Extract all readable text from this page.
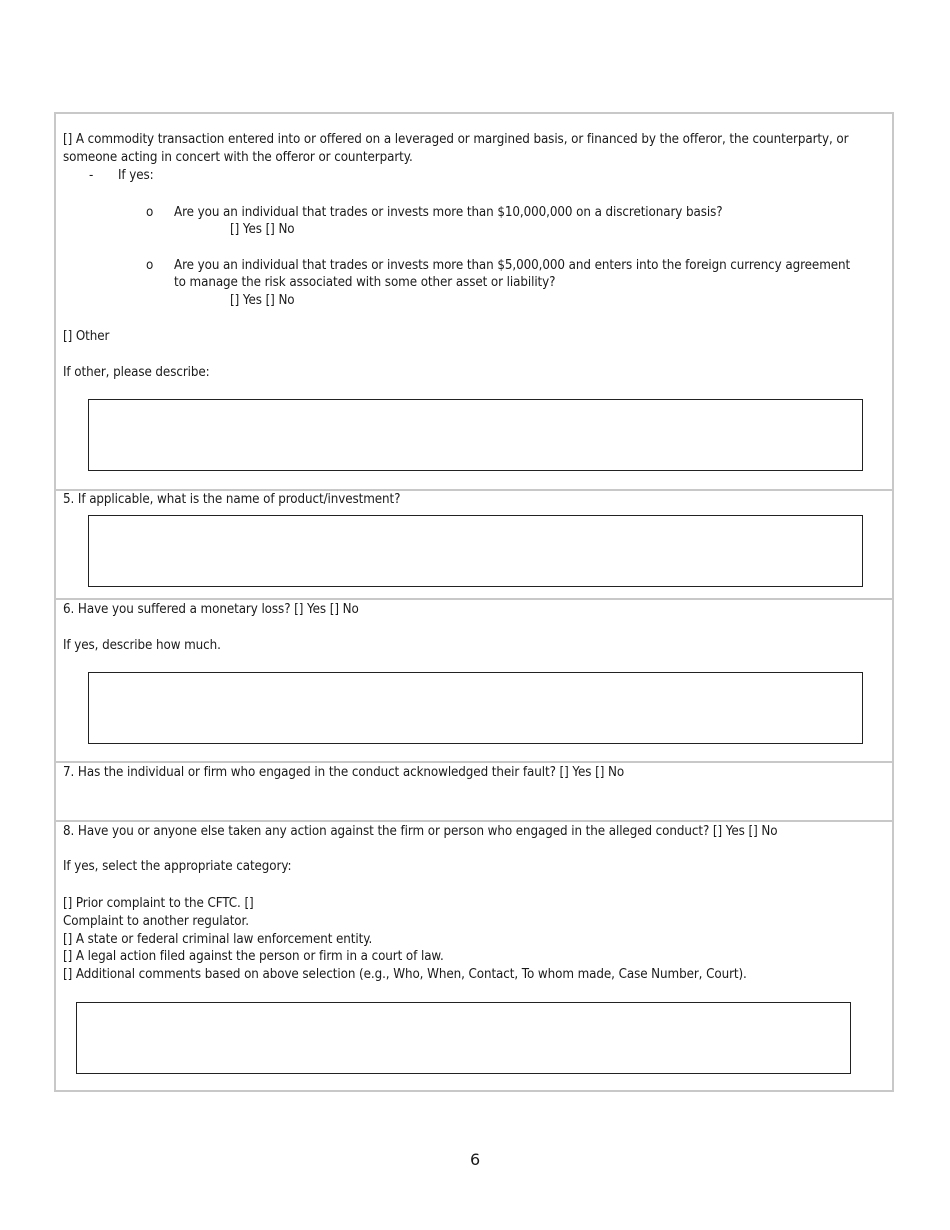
[] A commodity transaction entered into or offered on a leveraged or margined basis, or financed by the offeror, the counterparty, or
someone acting in concert with the offeror or counterparty.
- If yes:
o Are you an individual that trades or invests more than $10,000,000 on a discretionary basis?
[] Yes [] No
o Are you an individual that trades or invests more than $5,000,000 and enters into the foreign currency agreement
to manage the risk associated with some other asset or liability?
[] Yes [] No
[] Other
If other, please describe:
5. If applicable, what is the name of product/investment?
6. Have you suffered a monetary loss? [] Yes [] No
If yes, describe how much.
7. Has the individual or firm who engaged in the conduct acknowledged their fault? [] Yes [] No
8. Have you or anyone else taken any action against the firm or person who engaged in the alleged conduct? [] Yes [] No
If yes, select the appropriate category:
[] Prior complaint to the CFTC. []
Complaint to another regulator.
[] A state or federal criminal law enforcement entity.
[] A legal action filed against the person or firm in a court of law.
[] Additional comments based on above selection (e.g., Who, When, Contact, To whom made, Case Number, Court).
6
